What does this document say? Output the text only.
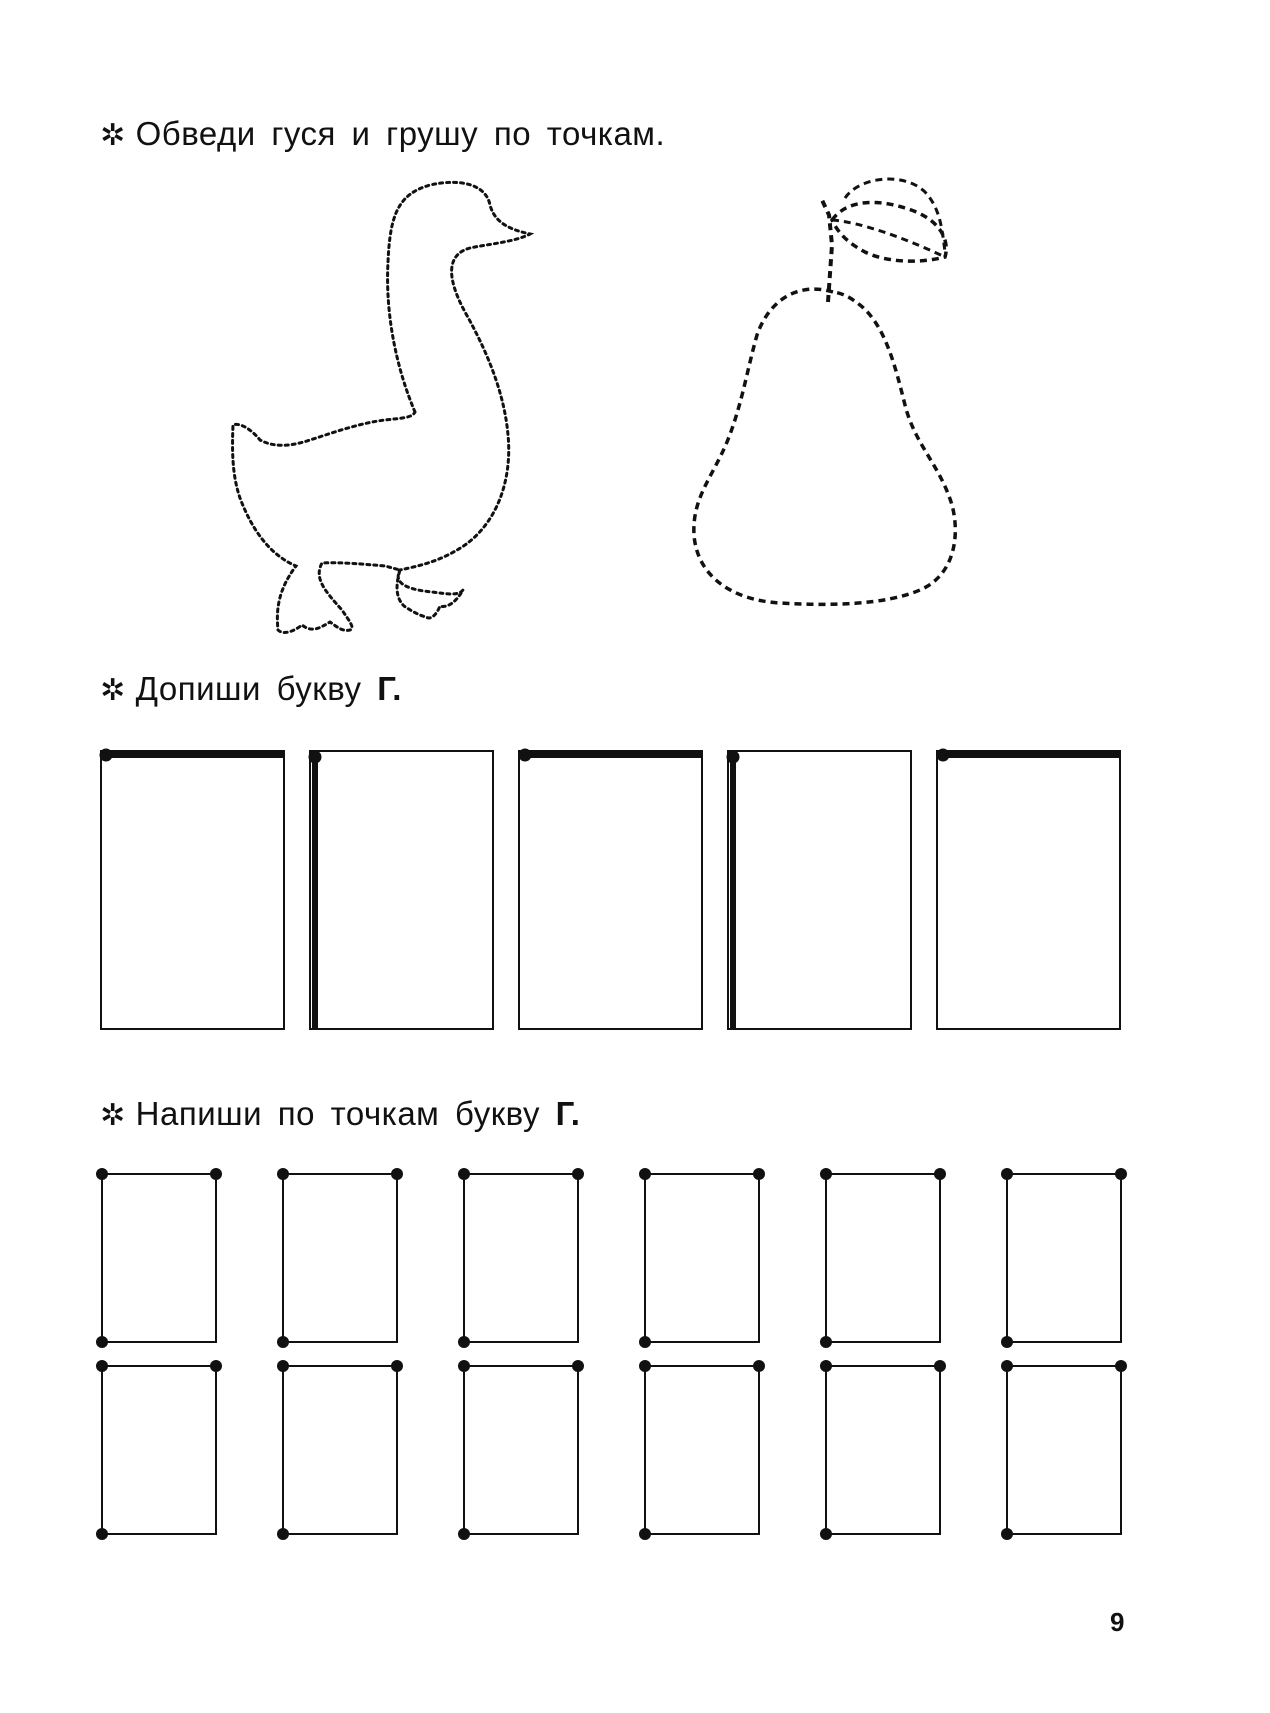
✲ Обведи гуся и грушу по точкам.
✲ Допиши букву Г.
✲ Напиши по точкам букву Г.
9
